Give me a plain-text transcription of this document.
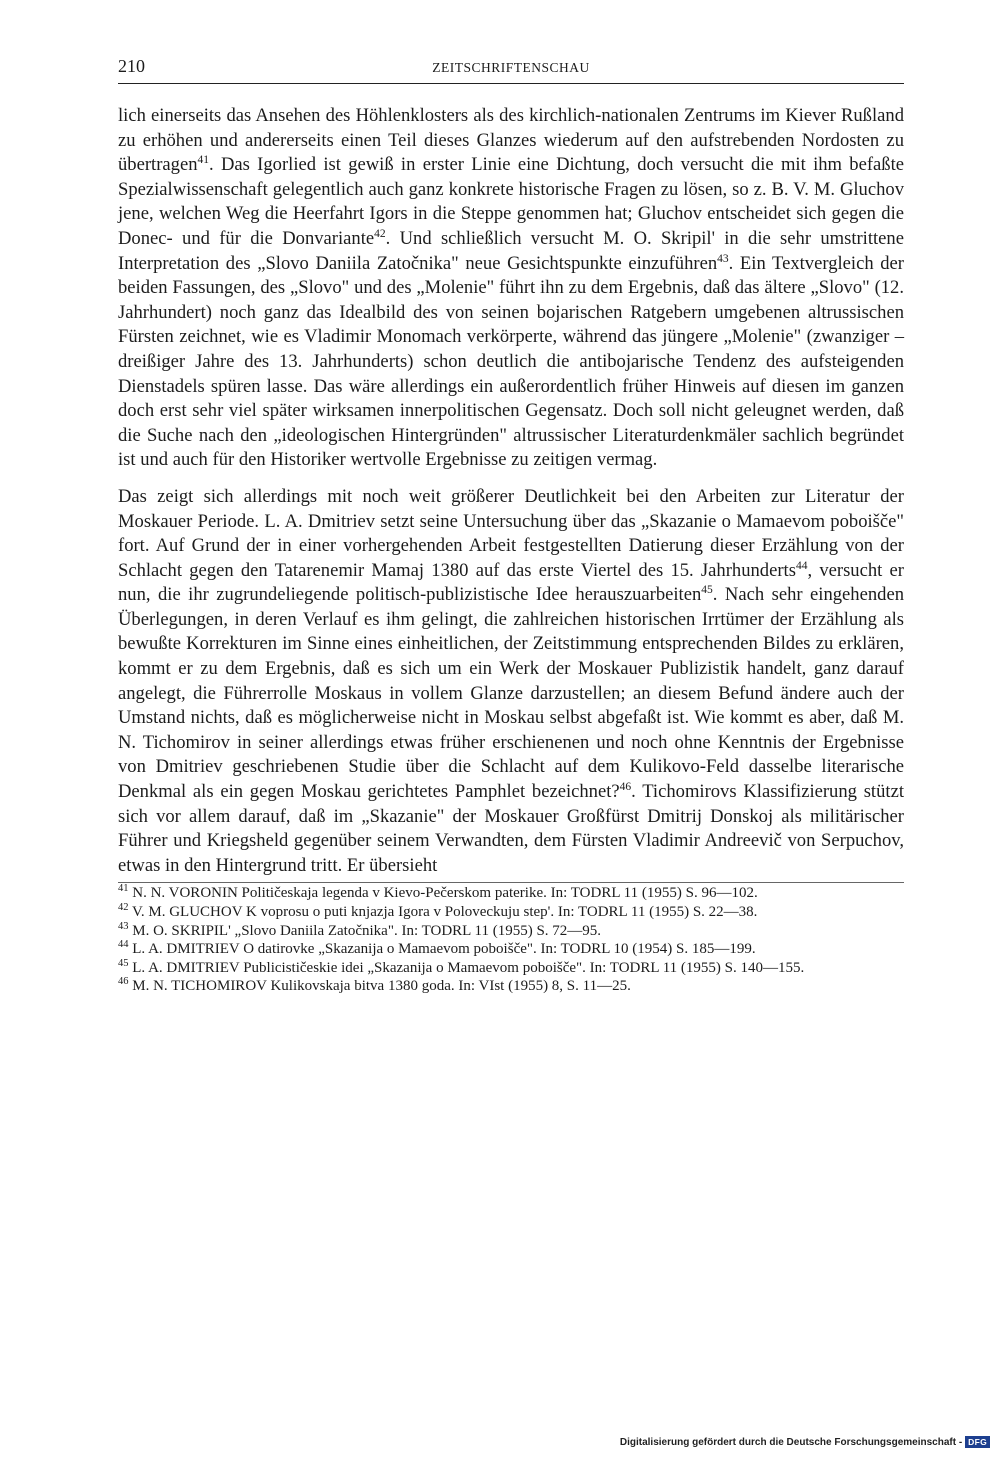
210	ZEITSCHRIFTENSCHAU

lich einerseits das Ansehen des Höhlenklosters als des kirchlich-nationalen Zentrums im Kiever Rußland zu erhöhen und andererseits einen Teil dieses Glanzes wiederum auf den aufstrebenden Nordosten zu übertragen$^{41}$. Das Igorlied ist gewiß in erster Linie eine Dichtung, doch versucht die mit ihm befaßte Spezialwissenschaft gelegentlich auch ganz konkrete historische Fragen zu lösen, so z. B. V. M. Gluchov jene, welchen Weg die Heerfahrt Igors in die Steppe genommen hat; Gluchov entscheidet sich gegen die Donec- und für die Donvariante$^{42}$. Und schließlich versucht M. O. Skripil' in die sehr umstrittene Interpretation des „Slovo Daniila Zatočnika" neue Gesichtspunkte einzuführen$^{43}$. Ein Textvergleich der beiden Fassungen, des „Slovo" und des „Molenie" führt ihn zu dem Ergebnis, daß das ältere „Slovo" (12. Jahrhundert) noch ganz das Idealbild des von seinen bojarischen Ratgebern umgebenen altrussischen Fürsten zeichnet, wie es Vladimir Monomach verkörperte, während das jüngere „Molenie" (zwanziger – dreißiger Jahre des 13. Jahrhunderts) schon deutlich die antibojarische Tendenz des aufsteigenden Dienstadels spüren lasse. Das wäre allerdings ein außerordentlich früher Hinweis auf diesen im ganzen doch erst sehr viel später wirksamen innerpolitischen Gegensatz. Doch soll nicht geleugnet werden, daß die Suche nach den „ideologischen Hintergründen" altrussischer Literaturdenkmäler sachlich begründet ist und auch für den Historiker wertvolle Ergebnisse zu zeitigen vermag.

Das zeigt sich allerdings mit noch weit größerer Deutlichkeit bei den Arbeiten zur Literatur der Moskauer Periode. L. A. Dmitriev setzt seine Untersuchung über das „Skazanie o Mamaevom poboišče" fort. Auf Grund der in einer vorhergehenden Arbeit festgestellten Datierung dieser Erzählung von der Schlacht gegen den Tatarenemir Mamaj 1380 auf das erste Viertel des 15. Jahrhunderts$^{44}$, versucht er nun, die ihr zugrundeliegende politisch-publizistische Idee herauszuarbeiten$^{45}$. Nach sehr eingehenden Überlegungen, in deren Verlauf es ihm gelingt, die zahlreichen historischen Irrtümer der Erzählung als bewußte Korrekturen im Sinne eines einheitlichen, der Zeitstimmung entsprechenden Bildes zu erklären, kommt er zu dem Ergebnis, daß es sich um ein Werk der Moskauer Publizistik handelt, ganz darauf angelegt, die Führerrolle Moskaus in vollem Glanze darzustellen; an diesem Befund ändere auch der Umstand nichts, daß es möglicherweise nicht in Moskau selbst abgefaßt ist. Wie kommt es aber, daß M. N. Tichomirov in seiner allerdings etwas früher erschienenen und noch ohne Kenntnis der Ergebnisse von Dmitriev geschriebenen Studie über die Schlacht auf dem Kulikovo-Feld dasselbe literarische Denkmal als ein gegen Moskau gerichtetes Pamphlet bezeichnet?$^{46}$. Tichomirovs Klassifizierung stützt sich vor allem darauf, daß im „Skazanie" der Moskauer Großfürst Dmitrij Donskoj als militärischer Führer und Kriegsheld gegenüber seinem Verwandten, dem Fürsten Vladimir Andreevič von Serpuchov, etwas in den Hintergrund tritt. Er übersieht

$^{41}$ N. N. VORONIN Političeskaja legenda v Kievo-Pečerskom paterike. In: TODRL 11 (1955) S. 96—102.

$^{42}$ V. M. GLUCHOV K voprosu o puti knjazja Igora v Poloveckuju step'. In: TODRL 11 (1955) S. 22—38.

$^{43}$ M. O. SKRIPIL' „Slovo Daniila Zatočnika". In: TODRL 11 (1955) S. 72—95.

$^{44}$ L. A. DMITRIEV O datirovke „Skazanija o Mamaevom poboišče". In: TODRL 10 (1954) S. 185—199.

$^{45}$ L. A. DMITRIEV Publicističeskie idei „Skazanija o Mamaevom poboišče". In: TODRL 11 (1955) S. 140—155.

$^{46}$ M. N. TICHOMIROV Kulikovskaja bitva 1380 goda. In: VIst (1955) 8, S. 11—25.

Digitalisierung gefördert durch die Deutsche Forschungsgemeinschaft - DFG
